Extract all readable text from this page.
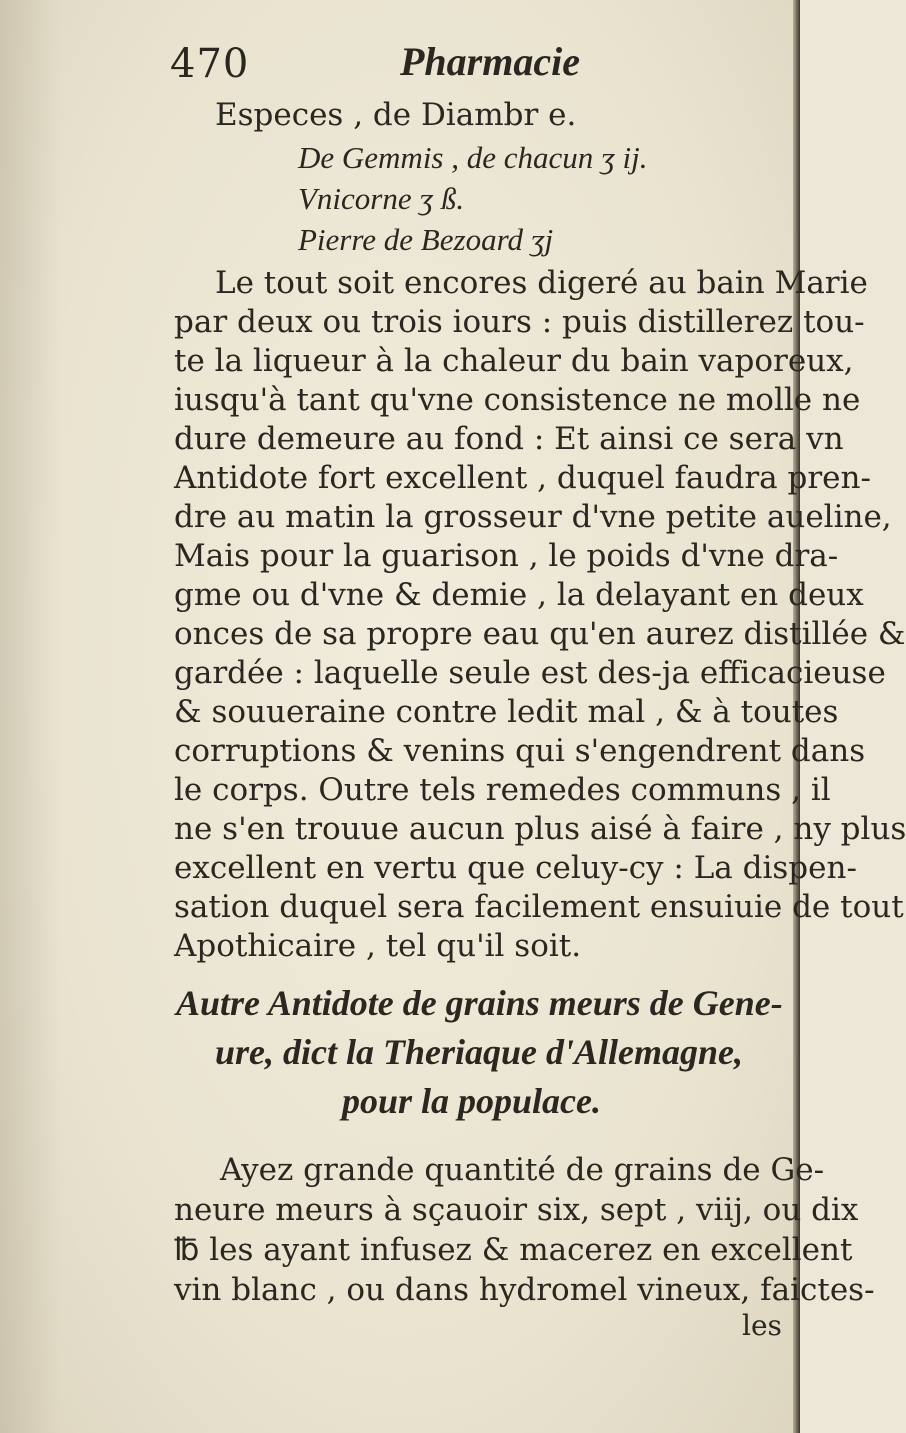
470	Pharmacie
Especes , de Diambr e.
De Gemmis , de chacun ʒ ij.
Vnicorne ʒ ß.
Pierre de Bezoard ʒj
Le tout soit encores digeré au bain Marie
par deux ou trois iours : puis distillerez tou-
te la liqueur à la chaleur du bain vaporeux,
iusqu'à tant qu'vne consistence ne molle ne
dure demeure au fond : Et ainsi ce sera vn
Antidote fort excellent , duquel faudra pren-
dre au matin la grosseur d'vne petite aueline,
Mais pour la guarison , le poids d'vne dra-
gme ou d'vne & demie , la delayant en deux
onces de sa propre eau qu'en aurez distillée &
gardée : laquelle seule est des-ja efficacieuse
& souueraine contre ledit mal , & à toutes
corruptions & venins qui s'engendrent dans
le corps. Outre tels remedes communs , il
ne s'en trouue aucun plus aisé à faire , ny plus
excellent en vertu que celuy-cy : La dispen-
sation duquel sera facilement ensuiuie de tout
Apothicaire , tel qu'il soit.
Autre Antidote de grains meurs de Gene-
ure, dict la Theriaque d'Allemagne,
pour la populace.
Ayez grande quantité de grains de Ge-
neure meurs à sçauoir six, sept , viij, ou dix
℔ les ayant infusez & macerez en excellent
vin blanc , ou dans hydromel vineux, faictes-
les
